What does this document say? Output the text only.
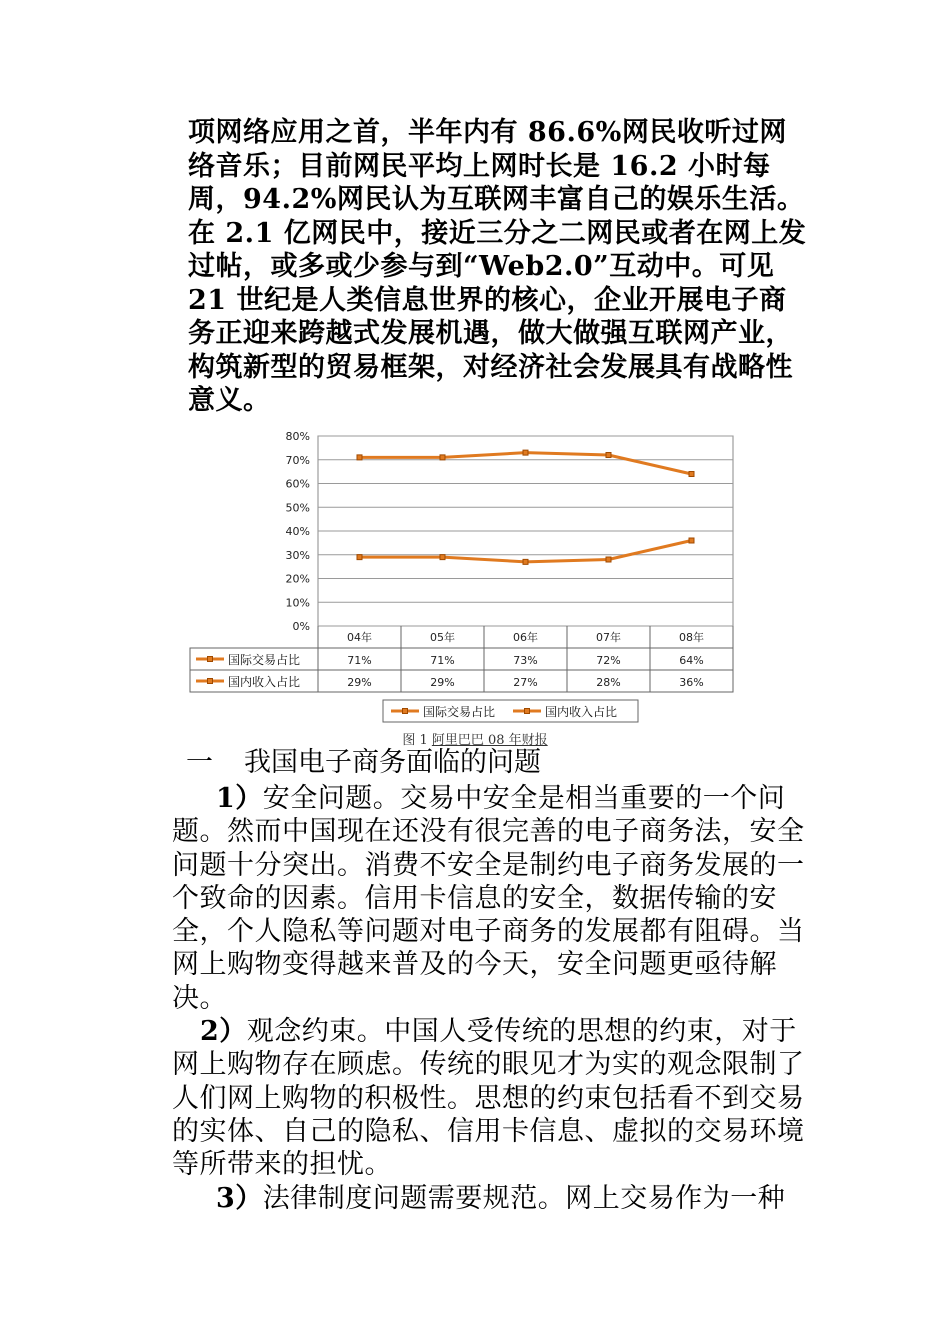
项网络应用之首，半年内有 86.6%网民收听过网络音乐；目前网民平均上网时长是 16.2 小时每周，94.2%网民认为互联网丰富自己的娱乐生活。在 2.1 亿网民中，接近三分之二网民或者在网上发过帖，或多或少参与到“Web2.0”互动中。可见 21 世纪是人类信息世界的核心，企业开展电子商务正迎来跨越式发展机遇，做大做强互联网产业，构筑新型的贸易框架，对经济社会发展具有战略性意义。

80%
70%
60%
50%
40%
30%
20%
10%
0%
04年	05年	06年	07年	08年
国际交易占比	71%	71%	73%	72%	64%
国内收入占比	29%	29%	27%	28%	36%
国际交易占比	国内收入占比
图 1 阿里巴巴 08 年财报

一 我国电子商务面临的问题

1）安全问题。交易中安全是相当重要的一个问题。然而中国现在还没有很完善的电子商务法，安全问题十分突出。消费不安全是制约电子商务发展的一个致命的因素。信用卡信息的安全，数据传输的安全，个人隐私等问题对电子商务的发展都有阻碍。当网上购物变得越来普及的今天，安全问题更亟待解决。

2）观念约束。中国人受传统的思想的约束，对于网上购物存在顾虑。传统的眼见才为实的观念限制了人们网上购物的积极性。思想的约束包括看不到交易的实体、自己的隐私、信用卡信息、虚拟的交易环境等所带来的担忧。

3）法律制度问题需要规范。网上交易作为一种
